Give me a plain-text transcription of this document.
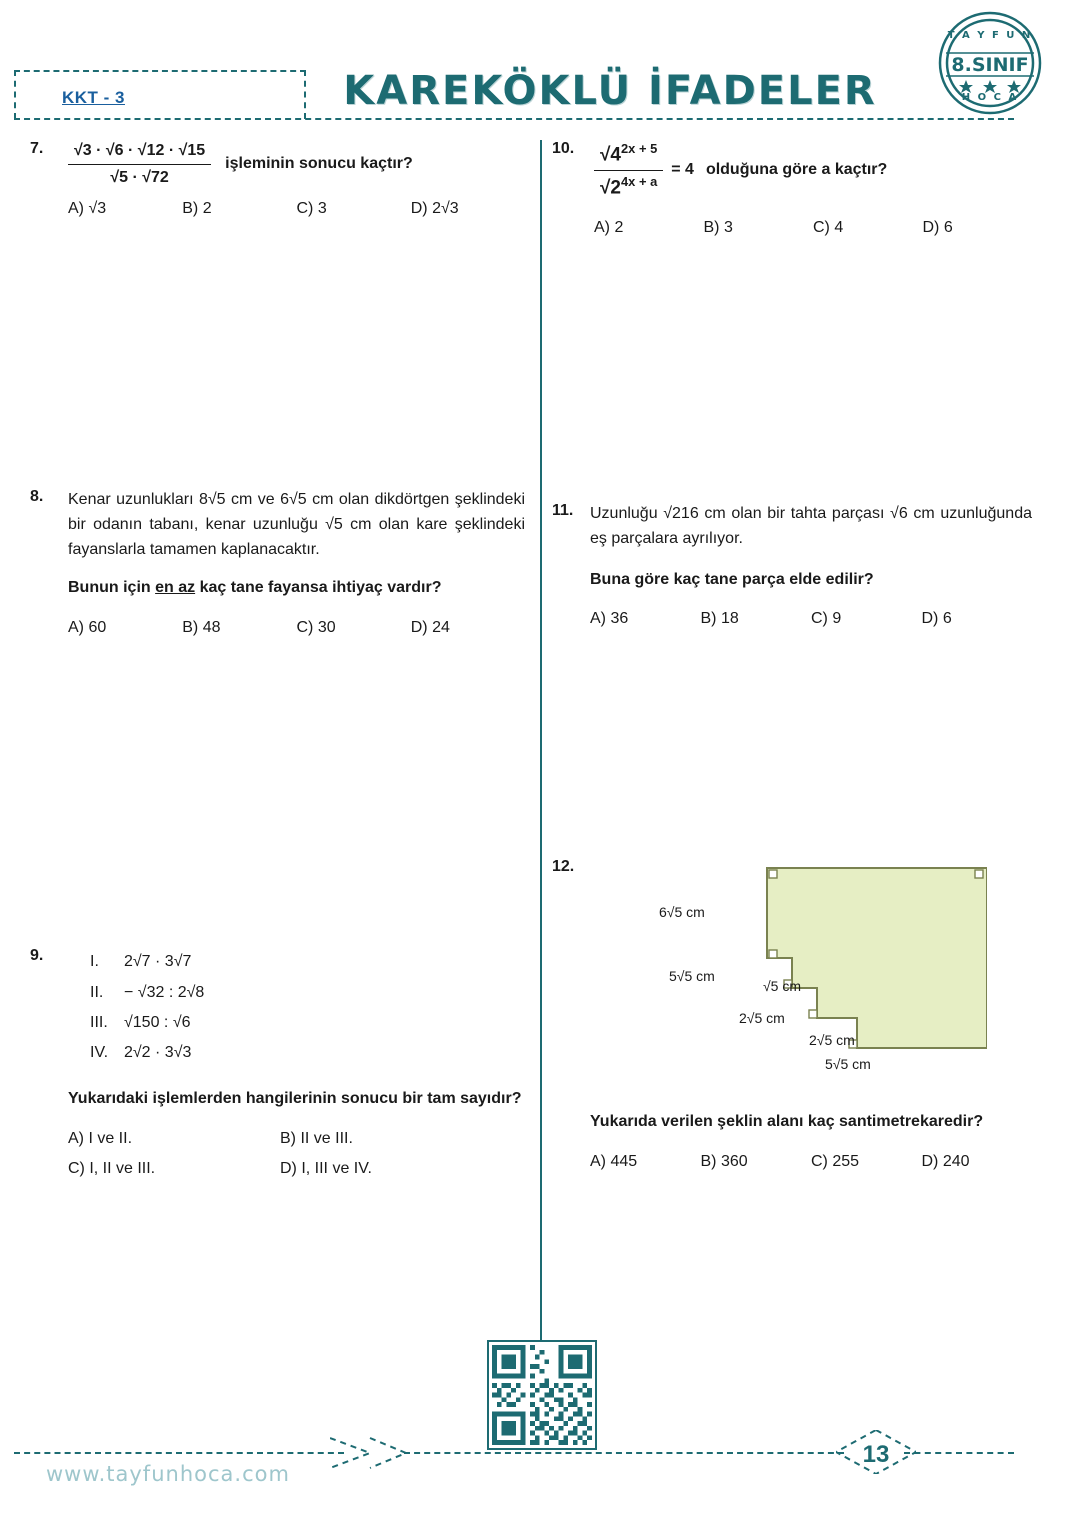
KKT - 3	KAREKÖKLÜ İFADELER
T A Y F U N
8.SINIF
H O C A
7.	$\frac{√3 \cdot √6 \cdot √12 \cdot √15}{√5 \cdot √72}$ işleminin sonucu kaçtır?
A) √3	B) 2	C) 3	D) 2√3
8.	Kenar uzunlukları 8√5 cm ve 6√5 cm olan dikdörtgen şeklindeki bir odanın tabanı, kenar uzunluğu √5 cm olan kare şeklindeki fayanslarla tamamen kaplanacaktır.
Bunun için en az kaç tane fayansa ihtiyaç vardır?
A) 60	B) 48	C) 30	D) 24
9.	I. 2√7 · 3√7
II. − √32 : 2√8
III. √150 : √6
IV. 2√2 · 3√3
Yukarıdaki işlemlerden hangilerinin sonucu bir tam sayıdır?
A) I ve II.	B) II ve III.
C) I, II ve III.	D) I, III ve IV.
10.	$\frac{√4^{2x + 5}}{√2^{4x + a}} = 4$ olduğuna göre a kaçtır?
A) 2	B) 3	C) 4	D) 6
11.	Uzunluğu √216 cm olan bir tahta parçası √6 cm uzunluğunda eş parçalara ayrılıyor.
Buna göre kaç tane parça elde edilir?
A) 36	B) 18	C) 9	D) 6
12.
6√5 cm
5√5 cm
√5 cm
2√5 cm
2√5 cm
5√5 cm
Yukarıda verilen şeklin alanı kaç santimetrekaredir?
A) 445	B) 360	C) 255	D) 240
www.tayfunhoca.com
13
